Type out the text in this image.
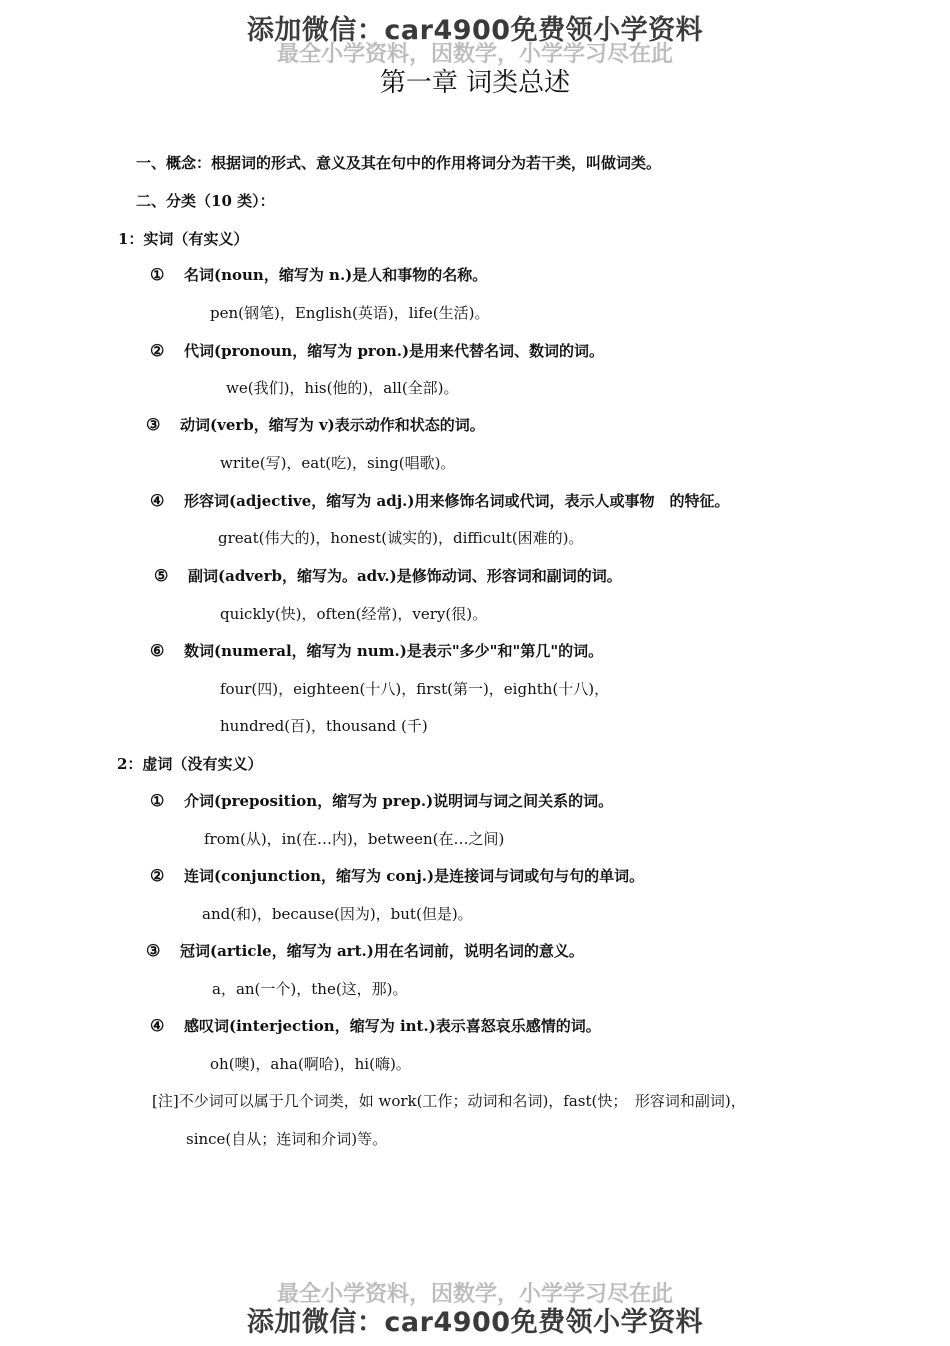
最全小学资料，因数学，小学学习尽在此
添加微信：car4900免费领小学资料
第一章 词类总述
一、概念：根据词的形式、意义及其在句中的作用将词分为若干类，叫做词类。
二、分类（10 类）：
1：实词（有实义）
① 名词(noun，缩写为 n.)是人和事物的名称。
pen(钢笔)，English(英语)，life(生活)。
② 代词(pronoun，缩写为 pron.)是用来代替名词、数词的词。
we(我们)，his(他的)，all(全部)。
③ 动词(verb，缩写为 v)表示动作和状态的词。
write(写)，eat(吃)，sing(唱歌)。
④ 形容词(adjective，缩写为 adj.)用来修饰名词或代词，表示人或事物　的特征。
great(伟大的)，honest(诚实的)，difficult(困难的)。
⑤ 副词(adverb，缩写为。adv.)是修饰动词、形容词和副词的词。
quickly(快)，often(经常)，very(很)。
⑥ 数词(numeral，缩写为 num.)是表示"多少"和"第几"的词。
four(四)，eighteen(十八)，first(第一)，eighth(十八)，
hundred(百)，thousand (千)
2：虚词（没有实义）
① 介词(preposition，缩写为 prep.)说明词与词之间关系的词。
from(从)，in(在…内)，between(在…之间)
② 连词(conjunction，缩写为 conj.)是连接词与词或句与句的单词。
and(和)，because(因为)，but(但是)。
③ 冠词(article，缩写为 art.)用在名词前，说明名词的意义。
a，an(一个)，the(这，那)。
④ 感叹词(interjection，缩写为 int.)表示喜怒哀乐感情的词。
oh(噢)，aha(啊哈)，hi(嗨)。
[注]不少词可以属于几个词类，如 work(工作；动词和名词)，fast(快；　形容词和副词)，
since(自从；连词和介词)等。
最全小学资料，因数学，小学学习尽在此
添加微信：car4900免费领小学资料
